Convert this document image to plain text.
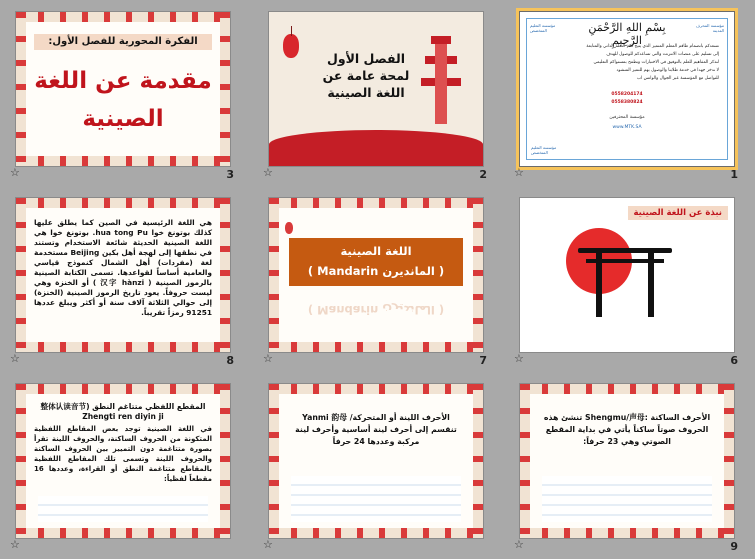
مؤسسة التعليم المتخصص
مؤسسة المحرف المدينة
بِسْمِ اللهِ الرَّحْمَنِ الرَّحِيمِ
نسعدكم بانضمام طاقم المعلم المتميز الذي يتيح لكم التعلم الذاتي والمتابعة
إلى تسليم على منصات الانترنت والتي تساعدكم للوصول للهدف
لنذكر المفاهيم للعلم بالتوفيق في الاختبارات ونطمح بمستواكم التعليمي
لا ندخر جهدا في خدمة طلابنا والوصول بهم للتميز المنشود
للتواصل مع المؤسسة عبر الجوال والواتس اب
0558204174
0558380824
مؤسسة المحترفين
www.MTK.SA
مؤسسة التعليم المتخصص
☆	1
الفصل الأول
لمحة عامة عن
اللغة الصينية
☆	2
الفكرة المحورية للفصل الأول:
مقدمة عن اللغة
الصينية
☆	3
نبذة عن اللغة الصينية
☆	6
اللغة الصينية
( المانديرن Mandarin )
( المانديرن Mandarin )
☆	7
هي اللغة الرئيسية في الصين كما يطلق عليها كذلك بوتونغ خوا hua tong Pu. بوتونغ خوا هي اللغة الصينية الحديثة شائعة الاستخدام وتستند في نطقها إلى لهجة أهل بكين Beijing مستخدمة لغة (مفردات) أهل الشمال كنموذج قياسي والعامية أساساً لقواعدها. تسمى الكتابة الصينية بالرموز الصينية ( 汉字 hànzi ) أو الخنزة وهي ليست حروفاً. يعود تاريخ الرموز الصينية (الخنزة) إلى حوالي الثلاثة آلاف سنة أو أكثر ويبلغ عددها 91251 رمزاً تقريباً.
☆	8
الأحرف الساكنة :Shengmu/声母 تنشئ هذه الحروف صوتاً ساكناً يأتي في بداية المقطع الصوتي وهي 23 حرفاً:
☆	9
الأحرف اللينة أو المتحركة/ Yanmi 韵母 تنقسم إلى أحرف لينة أساسية وأحرف لينة مركبة وعددها 24 حرفاً
☆
المقطع اللفظي متتاغم النطق (整体认读音节 Zhengti ren diyin ji
في اللغة الصينية توجد بعض المقاطع اللفظية المتكونة من الحروف الساكنة، والحروف اللينة تقرأ بصورة متتاغمة دون التمييز بين الحروف الساكنة والحروف اللينة وتسمى تلك المقاطع اللفظية بالمقاطع متتاغمة النطق أو القراءة، وعددها 16 مقطعاً لفظياً:
☆
